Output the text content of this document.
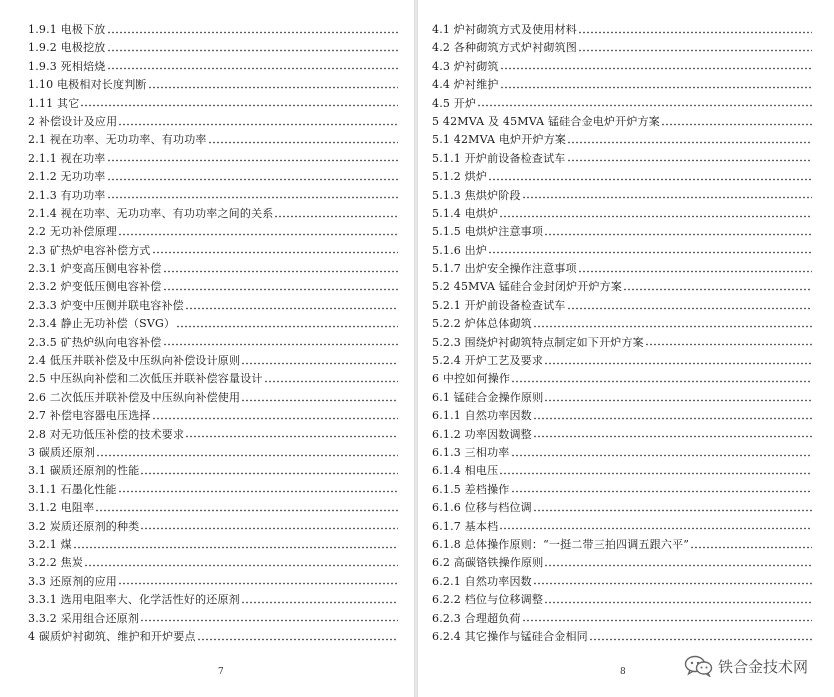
1.9.1 电极下放
1.9.2 电极挖放
1.9.3 死相焙烧
1.10 电极相对长度判断
1.11 其它
2 补偿设计及应用
2.1 视在功率、无功功率、有功功率
2.1.1 视在功率
2.1.2 无功功率
2.1.3 有功功率
2.1.4 视在功率、无功功率、有功功率之间的关系
2.2 无功补偿原理
2.3 矿热炉电容补偿方式
2.3.1 炉变高压侧电容补偿
2.3.2 炉变低压侧电容补偿
2.3.3 炉变中压侧并联电容补偿
2.3.4 静止无功补偿（SVG）
2.3.5 矿热炉纵向电容补偿
2.4 低压并联补偿及中压纵向补偿设计原则
2.5 中压纵向补偿和二次低压并联补偿容量设计
2.6 二次低压并联补偿及中压纵向补偿使用
2.7 补偿电容器电压选择
2.8 对无功低压补偿的技术要求
3 碳质还原剂
3.1 碳质还原剂的性能
3.1.1 石墨化性能
3.1.2 电阻率
3.2 炭质还原剂的种类
3.2.1 煤
3.2.2 焦炭
3.3 还原剂的应用
3.3.1 选用电阻率大、化学活性好的还原剂
3.3.2 采用组合还原剂
4 碳质炉衬砌筑、维护和开炉要点
7
4.1 炉衬砌筑方式及使用材料
4.2 各种砌筑方式炉衬砌筑图
4.3 炉衬砌筑
4.4 炉衬维护
4.5 开炉
5 42MVA 及 45MVA 锰硅合金电炉开炉方案
5.1 42MVA 电炉开炉方案
5.1.1 开炉前设备检查试车
5.1.2 烘炉
5.1.3 焦烘炉阶段
5.1.4 电烘炉
5.1.5 电烘炉注意事项
5.1.6 出炉
5.1.7 出炉安全操作注意事项
5.2 45MVA 锰硅合金封闭炉开炉方案
5.2.1 开炉前设备检查试车
5.2.2 炉体总体砌筑
5.2.3 围绕炉衬砌筑特点制定如下开炉方案
5.2.4 开炉工艺及要求
6 中控如何操作
6.1 锰硅合金操作原则
6.1.1 自然功率因数
6.1.2 功率因数调整
6.1.3 三相功率
6.1.4 相电压
6.1.5 差档操作
6.1.6 位移与档位调
6.1.7 基本档
6.1.8 总体操作原则：“一挺二带三拍四调五跟六平”
6.2 高碳铬铁操作原则
6.2.1 自然功率因数
6.2.2 档位与位移调整
6.2.3 合理超负荷
6.2.4 其它操作与锰硅合金相同
8	铁合金技术网
